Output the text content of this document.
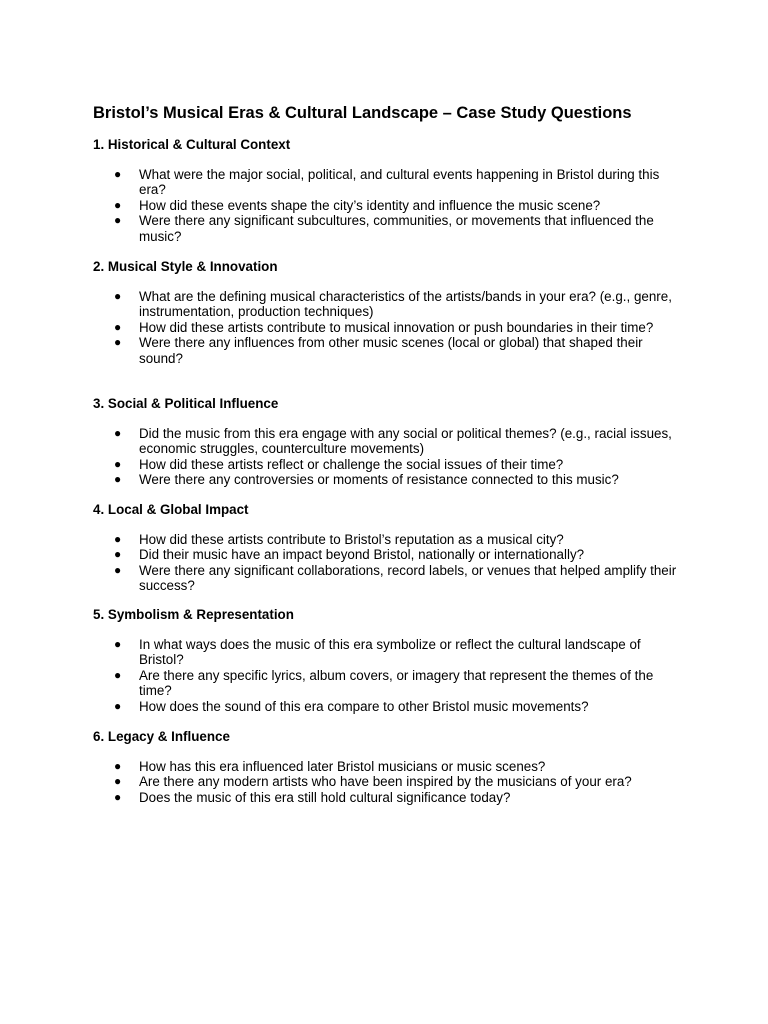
Bristol’s Musical Eras & Cultural Landscape – Case Study Questions
1. Historical & Cultural Context
● What were the major social, political, and cultural events happening in Bristol during this era?
● How did these events shape the city’s identity and influence the music scene?
● Were there any significant subcultures, communities, or movements that influenced the music?
2. Musical Style & Innovation
● What are the defining musical characteristics of the artists/bands in your era? (e.g., genre, instrumentation, production techniques)
● How did these artists contribute to musical innovation or push boundaries in their time?
● Were there any influences from other music scenes (local or global) that shaped their sound?
3. Social & Political Influence
● Did the music from this era engage with any social or political themes? (e.g., racial issues, economic struggles, counterculture movements)
● How did these artists reflect or challenge the social issues of their time?
● Were there any controversies or moments of resistance connected to this music?
4. Local & Global Impact
● How did these artists contribute to Bristol’s reputation as a musical city?
● Did their music have an impact beyond Bristol, nationally or internationally?
● Were there any significant collaborations, record labels, or venues that helped amplify their success?
5. Symbolism & Representation
● In what ways does the music of this era symbolize or reflect the cultural landscape of Bristol?
● Are there any specific lyrics, album covers, or imagery that represent the themes of the time?
● How does the sound of this era compare to other Bristol music movements?
6. Legacy & Influence
● How has this era influenced later Bristol musicians or music scenes?
● Are there any modern artists who have been inspired by the musicians of your era?
● Does the music of this era still hold cultural significance today?
